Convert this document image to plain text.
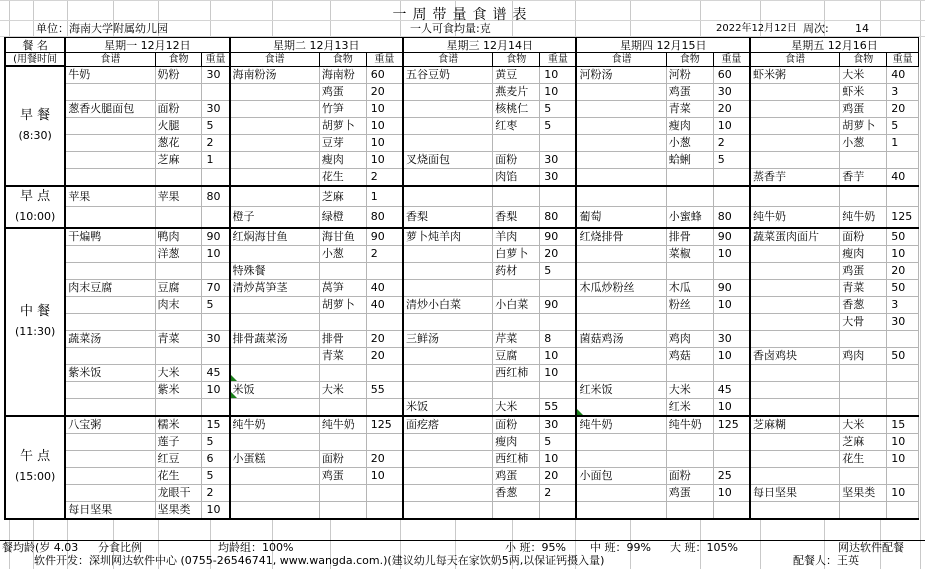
一周带量食谱表
单位：海南大学附属幼儿园	一人可食均量:克	2022年12月12日 周次: 14
餐 名	星期一 12月12日			星期二 12月13日			星期三 12月14日			星期四 12月15日			星期五 12月16日		
(用餐时间	食谱	食物	重量	食谱	食物	重量	食谱	食物	重量	食谱	食物	重量	食谱	食物	重量
早 餐

(8:30)	牛奶	奶粉	30	海南粉汤	海南粉	60	五谷豆奶	黄豆	10	河粉汤	河粉	60	虾米粥	大米	40
					鸡蛋	20		燕麦片	10		鸡蛋	30		虾米	3
	葱香火腿面包	面粉	30		竹笋	10		核桃仁	5		青菜	20		鸡蛋	20
		火腿	5		胡萝卜	10		红枣	5		瘦肉	10		胡萝卜	5
		葱花	2		豆芽	10					小葱	2		小葱	1
		芝麻	1		瘦肉	10	叉烧面包	面粉	30		蛤蜊	5			
					花生	2		肉馅	30				蒸香芋	香芋	40
早 点

(10:00)	苹果	苹果	80		芝麻	1									
				橙子	绿橙	80	香梨	香梨	80	葡萄	小蜜蜂	80	纯牛奶	纯牛奶	125
中 餐

(11:30)	干煸鸭	鸭肉	90	红焖海甘鱼	海甘鱼	90	萝卜炖羊肉	羊肉	90	红烧排骨	排骨	90	蔬菜蛋肉面片	面粉	50
		洋葱	10		小葱	2		白萝卜	20		菜椒	10		瘦肉	10
				特殊餐				药材	5					鸡蛋	20
	肉末豆腐	豆腐	70	清炒莴笋茎	莴笋	40				木瓜炒粉丝	木瓜	90		青菜	50
		肉末	5		胡萝卜	40	清炒小白菜	小白菜	90		粉丝	10		香葱	3
														大骨	30
	蔬菜汤	青菜	30	排骨蔬菜汤	排骨	20	三鲜汤	芹菜	8	菌菇鸡汤	鸡肉	30			
					青菜	20		豆腐	10		鸡菇	10	香卤鸡块	鸡肉	50
	紫米饭	大米	45					西红柿	10						
		紫米	10	米饭	大米	55				红米饭	大米	45			
							米饭	大米	55		红米	10			
午 点

(15:00)	八宝粥	糯米	15	纯牛奶	纯牛奶	125	面疙瘩	面粉	30	纯牛奶	纯牛奶	125	芝麻糊	大米	15
		莲子	5					瘦肉	5					芝麻	10
		红豆	6	小蛋糕	面粉	20		西红柿	10					花生	10
		花生	5		鸡蛋	10		鸡蛋	20	小面包	面粉	25			
		龙眼干	2					香葱	2		鸡蛋	10	每日坚果	坚果类	10
	每日坚果	坚果类	10												
餐均龄(岁 4.03 分食比例	均龄组：100%	小 班：95% 中 班：99% 大 班：105%	网达软件配餐
软件开发：深圳网达软件中心 (0755-26546741, www.wangda.com.)(建议幼儿每天在家饮奶5两,以保证钙摄入量)	配餐人：王英
